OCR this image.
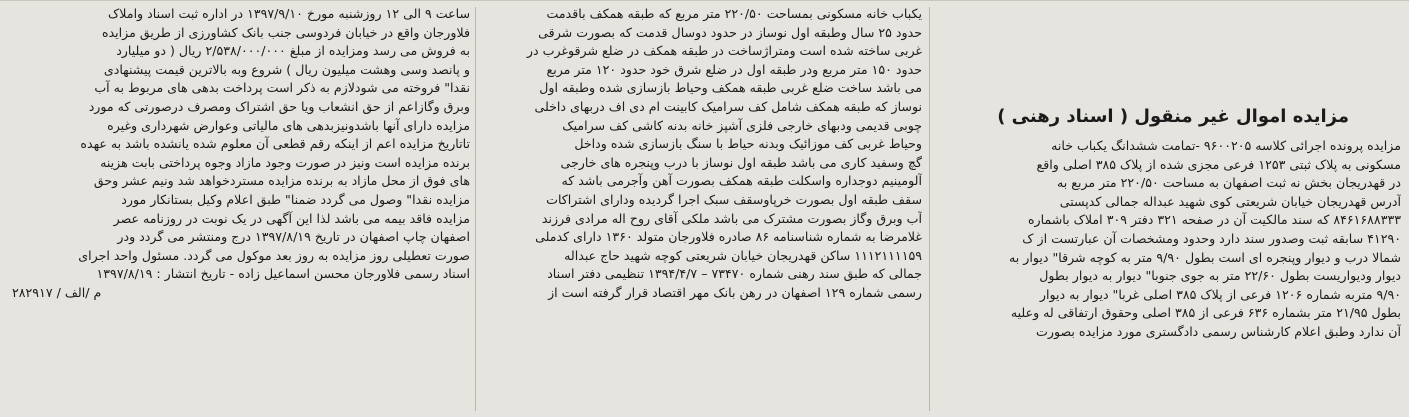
مزایده اموال غیر منقول ( اسناد رهنی )

مزایده پرونده اجرائی کلاسه ۹۶۰۰۲۰۵ -تمامت ششدانگ یکباب خانه

مسکونی به پلاک ثبتی ۱۲۵۳ فرعی مجزی شده از پلاک ۳۸۵ اصلی واقع

در قهدریجان بخش نه ثبت اصفهان به مساحت ۲۲۰/۵۰ متر مربع به

آدرس قهدریجان خیابان شریعتی کوی شهید عبداله جمالی کدپستی

۸۴۶۱۶۸۸۳۳۳ که سند مالکیت آن در صفحه ۳۲۱ دفتر ۳۰۹ املاک باشماره

۴۱۲۹۰ سابقه ثبت وصدور سند دارد وحدود ومشخصات آن عبارتست از ک

شمالا درب و دیوار وپنجره ای است بطول ۹/۹۰ متر به کوچه شرقا" دیوار به

دیوار ودیواریست بطول ۲۲/۶۰ متر به جوی جنوبا" دیوار به دیوار بطول

۹/۹۰ متربه شماره ۱۲۰۶ فرعی از پلاک ۳۸۵ اصلی غربا" دیوار به دیوار

بطول ۲۱/۹۵ متر بشماره ۶۳۶ فرعی از ۳۸۵ اصلی وحقوق ارتفاقی له وعلیه

آن ندارد وطبق اعلام کارشناس رسمی دادگستری مورد مزایده بصورت

یکباب خانه مسکونی بمساحت ۲۲۰/۵۰ متر مربع که طبقه همکف باقدمت

حدود ۲۵ سال وطبقه اول نوساز در حدود دوسال قدمت که بصورت شرقی

غربی ساخته شده است ومترا‌ژساخت در طبقه همکف در ضلع شرقوغرب در

حدود ۱۵۰ متر مربع ودر طبقه اول در ضلع شرق خود حدود ۱۲۰ متر مربع

می باشد ساخت ضلع غربی طبقه همکف وحیاط بازسازی شده وطبقه اول

نوساز که طبقه همکف شامل کف سرامیک کابینت ام دی اف دربهای داخلی

چوبی قدیمی ودبهای خارجی فلزی آشپز خانه بدنه کاشی کف سرامیک

وحیاط غربی کف موزائیک وبدنه حیاط با سنگ بازسازی شده وداخل

گچ وسفید کاری می باشد طبقه اول نوساز با درب وپنجره های خارجی

آلومینیم دوجداره واسکلت طبقه همکف بصورت آهن وآجرمی باشد که

سقف طبقه اول بصورت خرپاوسقف سبک اجرا گردیده ودارای اشتراکات

آب وبرق وگاز بصورت مشترک می باشد ملکی آقای روح اله مرادی فرزند

غلامرضا به شماره شناسنامه ۸۶ صادره فلاورجان متولد ۱۳۶۰ دارای کدملی

۱۱۱۲۱۱۱۱۵۹ ساکن قهدریجان خیابان شریعتی کوچه شهید حاج عبداله

جمالی که طبق سند رهنی شماره ۷۳۴۷۰ – ۱۳۹۴/۴/۷ تنظیمی دفتر اسناد

رسمی شماره ۱۲۹ اصفهان در رهن بانک مهر اقتصاد قرار گرفته است از

ساعت ۹ الی ۱۲ روزشنبه مورخ ۱۳۹۷/۹/۱۰ در اداره ثبت اسناد واملاک

فلاورجان واقع در خیابان فردوسی جنب بانک کشاورزی از طریق مزایده

به فروش می رسد ومزایده از مبلغ ۲/۵۳۸/۰۰۰/۰۰۰ ریال ( دو میلیارد

و پانصد وسی وهشت میلیون ریال ) شروع وبه بالاترین قیمت پیشنهادی

نقدا" فروخته می شودلازم به ذکر است پرداخت بدهی های مربوط به آب

وبرق وگازاعم از حق انشعاب ویا حق اشتراک ومصرف درصورتی که مورد

مزایده دارای آنها باشدونیزبدهی های مالیاتی وعوارض شهرداری وغیره

تاتاریخ مزایده اعم از اینکه رقم قطعی آن معلوم شده یانشده باشد به عهده

برنده مزایده است ونیز در صورت وجود مازاد وجوه پرداختی بابت هزینه

های فوق از محل مازاد به برنده مزایده مستردخواهد شد ونیم عشر وحق

مزایده نقدا" وصول می گردد ضمنا" طبق اعلام وکیل بستانکار مورد

مزایده فاقد بیمه می باشد لذا این آگهی در یک نوبت در روزنامه عصر

اصفهان چاپ اصفهان در تاریخ ۱۳۹۷/۸/۱۹ درج ومنتشر می گردد ودر

صورت تعطیلی روز مزایده به روز بعد موکول می گردد. مسئول واحد اجرای

اسناد رسمی فلاورجان محسن اسماعیل زاده - تاریخ انتشار : ۱۳۹۷/۸/۱۹

م /الف / ۲۸۲۹۱۷
